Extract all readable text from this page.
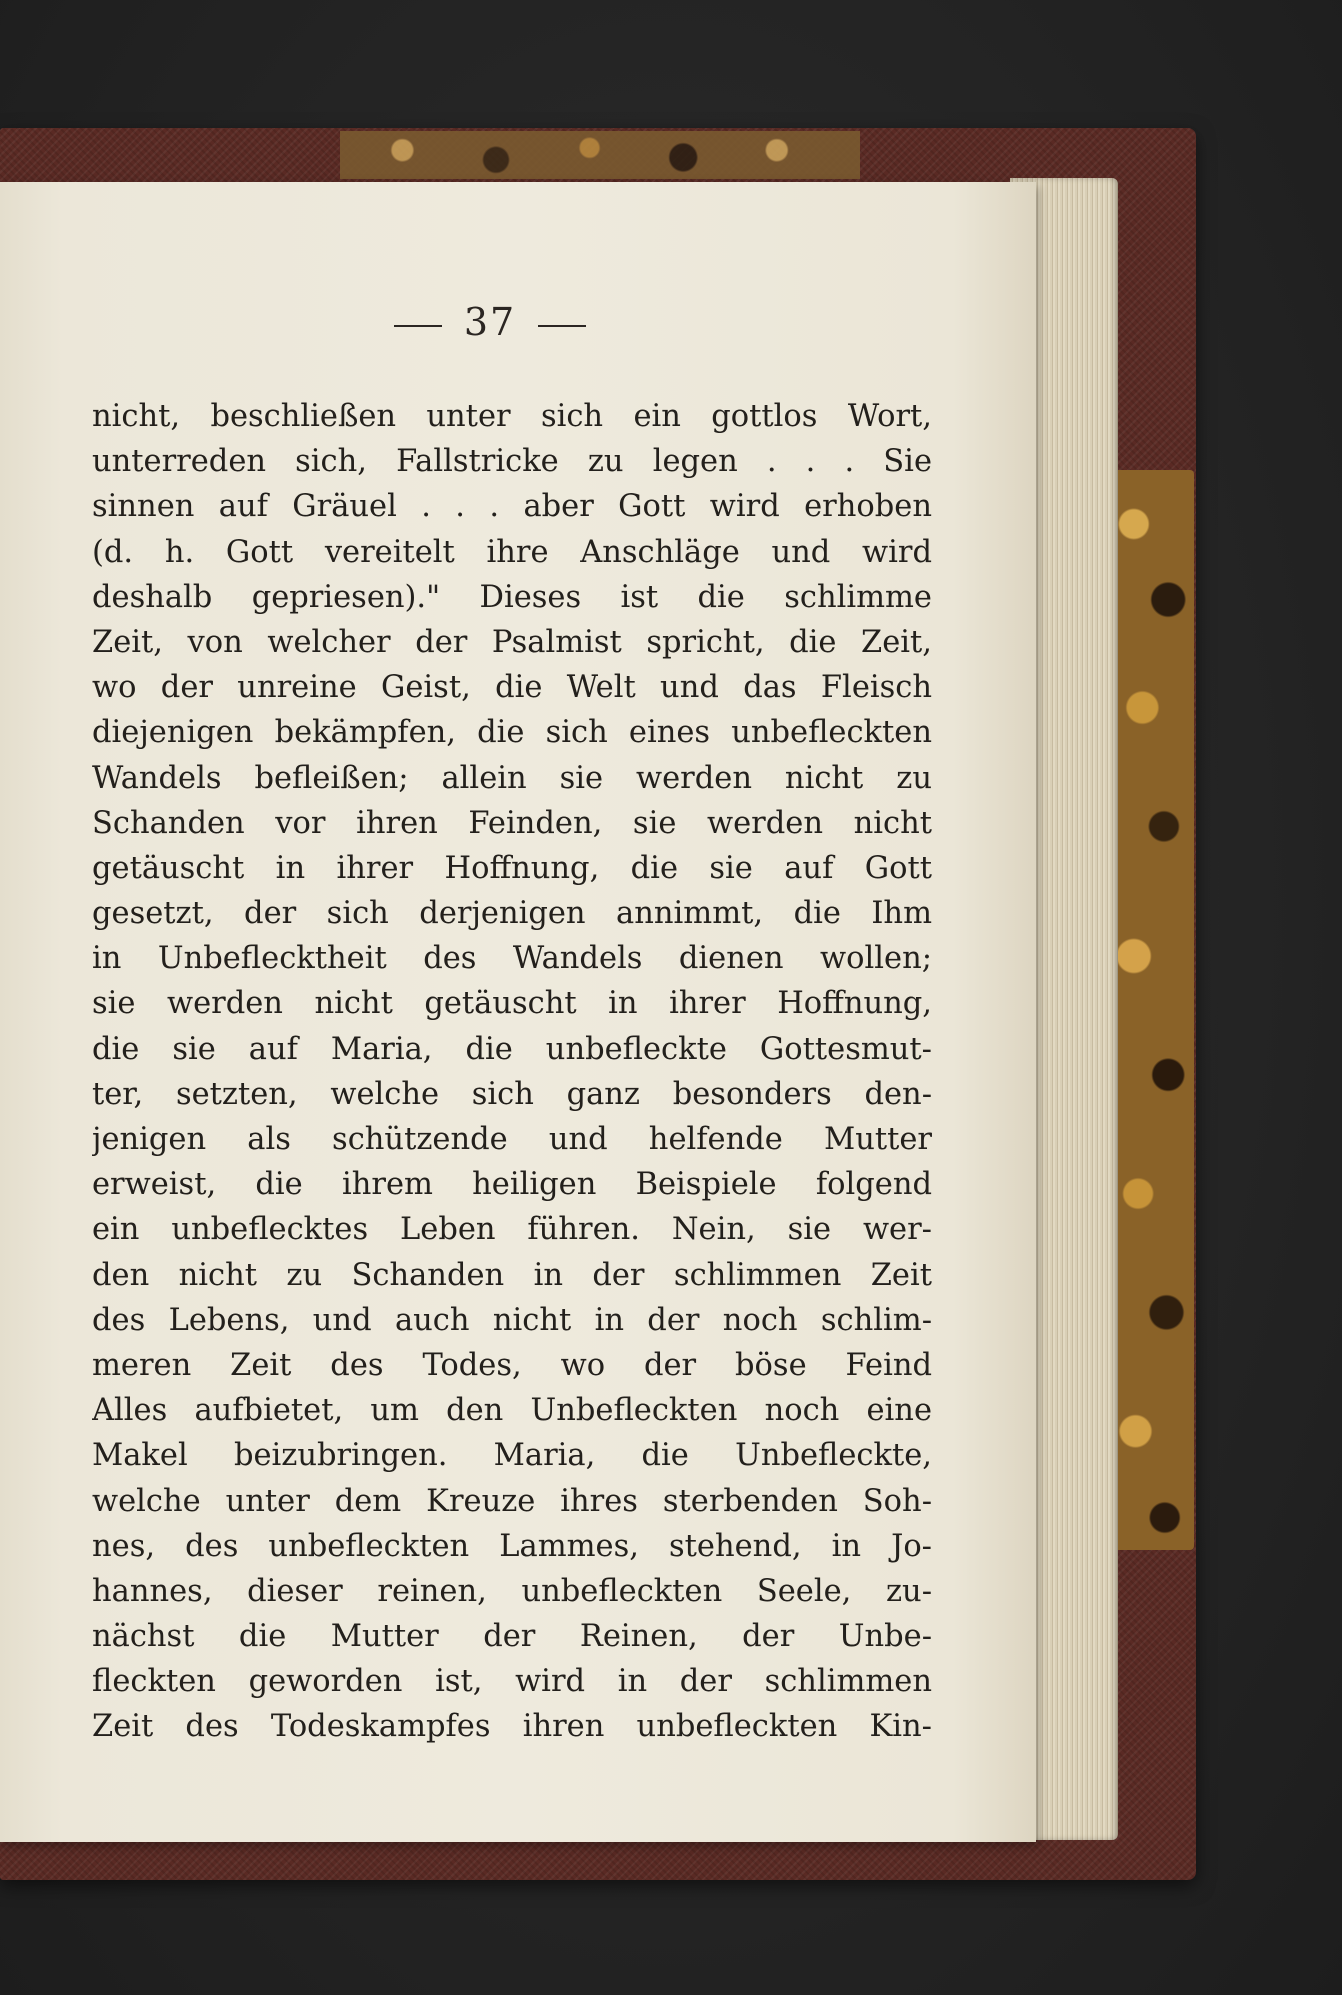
37
nicht, beschließen unter sich ein gottlos Wort,
unterreden sich, Fallstricke zu legen . . . Sie
sinnen auf Gräuel . . . aber Gott wird erhoben
(d. h. Gott vereitelt ihre Anschläge und wird
deshalb gepriesen)." Dieses ist die schlimme
Zeit, von welcher der Psalmist spricht, die Zeit,
wo der unreine Geist, die Welt und das Fleisch
diejenigen bekämpfen, die sich eines unbefleckten
Wandels befleißen; allein sie werden nicht zu
Schanden vor ihren Feinden, sie werden nicht
getäuscht in ihrer Hoffnung, die sie auf Gott
gesetzt, der sich derjenigen annimmt, die Ihm
in Unbeflecktheit des Wandels dienen wollen;
sie werden nicht getäuscht in ihrer Hoffnung,
die sie auf Maria, die unbefleckte Gottesmut-
ter, setzten, welche sich ganz besonders den-
jenigen als schützende und helfende Mutter
erweist, die ihrem heiligen Beispiele folgend
ein unbeflecktes Leben führen. Nein, sie wer-
den nicht zu Schanden in der schlimmen Zeit
des Lebens, und auch nicht in der noch schlim-
meren Zeit des Todes, wo der böse Feind
Alles aufbietet, um den Unbefleckten noch eine
Makel beizubringen. Maria, die Unbefleckte,
welche unter dem Kreuze ihres sterbenden Soh-
nes, des unbefleckten Lammes, stehend, in Jo-
hannes, dieser reinen, unbefleckten Seele, zu-
nächst die Mutter der Reinen, der Unbe-
fleckten geworden ist, wird in der schlimmen
Zeit des Todeskampfes ihren unbefleckten Kin-
